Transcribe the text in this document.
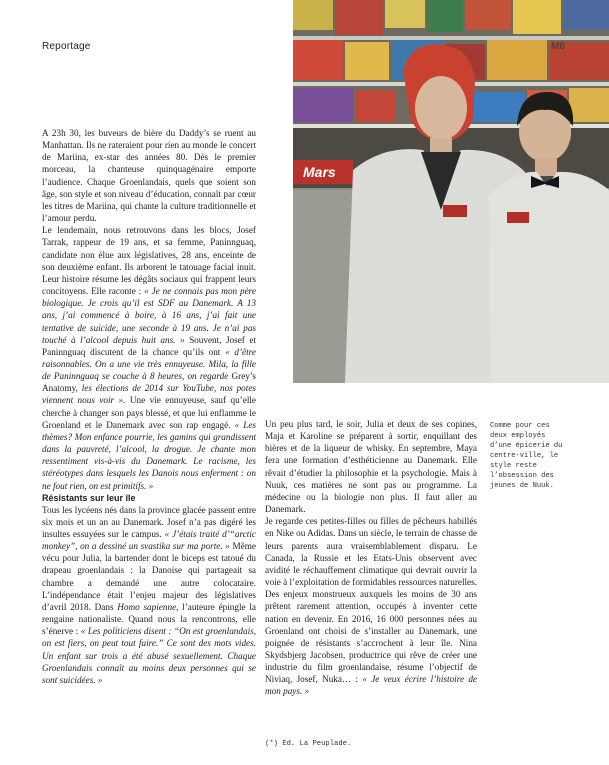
Reportage	M6
Mars

A 23h 30, les buveurs de bière du Daddy’s se ruent au Manhattan. Ils ne rateraient pour rien au monde le concert de Mariina, ex-star des années 80. Dès le premier morceau, la chanteuse quinquagénaire emporte l’audience. Chaque Groenlandais, quels que soient son âge, son style et son niveau d’éducation, connaît par cœur les titres de Mariina, qui chante la culture traditionnelle et l’amour perdu.

Le lendemain, nous retrouvons dans les blocs, Josef Tarrak, rappeur de 19 ans, et sa femme, Paninnguaq, candidate non élue aux législatives, 28 ans, enceinte de son deuxième enfant. Ils arborent le tatouage facial inuit. Leur histoire résume les dégâts sociaux qui frappent leurs concitoyens. Elle raconte : « Je ne connais pas mon père biologique. Je crois qu’il est SDF au Danemark. A 13 ans, j’ai commencé à boire, à 16 ans, j’ai fait une tentative de suicide, une seconde à 19 ans. Je n’ai pas touché à l’alcool depuis huit ans. » Souvent, Josef et Paninnguaq discutent de la chance qu’ils ont « d’être raisonnables. On a une vie très ennuyeuse. Mila, la fille de Paninnguaq se couche à 8 heures, on regarde Grey’s Anatomy, les élections de 2014 sur YouTube, nos potes viennent nous voir ». Une vie ennuyeuse, sauf qu’elle cherche à changer son pays blessé, et que lui enflamme le Groenland et le Danemark avec son rap engagé. « Les thèmes? Mon enfance pourrie, les gamins qui grandissent dans la pauvreté, l’alcool, la drogue. Je chante mon ressentiment vis-à-vis du Danemark. Le racisme, les stéréotypes dans lesquels les Danois nous enferment : on ne fout rien, on est primitifs. »

Résistants sur leur île

Tous les lycéens nés dans la province glacée passent entre six mois et un an au Danemark. Josef n’a pas digéré les insultes essuyées sur le campus. « J’étais traité d’“arctic monkey”, on a dessiné un svastika sur ma porte. » Même vécu pour Julia, la bartender dont le biceps est tatoué du drapeau groenlandais : la Danoise qui partageait sa chambre a demandé une autre colocataire. L’indépendance était l’enjeu majeur des législatives d’avril 2018. Dans Homo sapienne, l’auteure épingle la rengaine nationaliste. Quand nous la rencontrons, elle s’énerve : « Les politiciens disent : “On est groenlandais, on est fiers, on peut tout faire.” Ce sont des mots vides. Un enfant sur trois a été abusé sexuellement. Chaque Groenlandais connaît au moins deux personnes qui se sont suicidées. »

Un peu plus tard, le soir, Julia et deux de ses copines, Maja et Karoline se préparent à sortir, enquillant des bières et de la liqueur de whisky. En septembre, Maya fera une formation d’esthéticienne au Danemark. Elle rêvait d’étudier la philosophie et la psychologie. Mais à Nuuk, ces matières ne sont pas au programme. La médecine ou la biologie non plus. Il faut aller au Danemark.

Je regarde ces petites-filles ou filles de pêcheurs habillés en Nike ou Adidas. Dans un siècle, le terrain de chasse de leurs parents aura vraisemblablement disparu. Le Canada, la Russie et les Etats-Unis observent avec avidité le réchauffement climatique qui devrait ouvrir la voie à l’exploitation de formidables ressources naturelles. Des enjeux monstrueux auxquels les moins de 30 ans prêtent rarement attention, occupés à inventer cette nation en devenir. En 2016, 16 000 personnes nées au Groenland ont choisi de s’installer au Danemark, une poignée de résistants s’accrochent à leur île. Nina Skydsbjerg Jacobsen, productrice qui rêve de créer une industrie du film groenlandaise, résume l’objectif de Niviaq, Josef, Nuka… : « Je veux écrire l’histoire de mon pays. »

Comme pour ces deux employés d’une épicerie du centre-ville, le style reste l’obsession des jeunes de Nuuk.

(*) Ed. La Peuplade.
